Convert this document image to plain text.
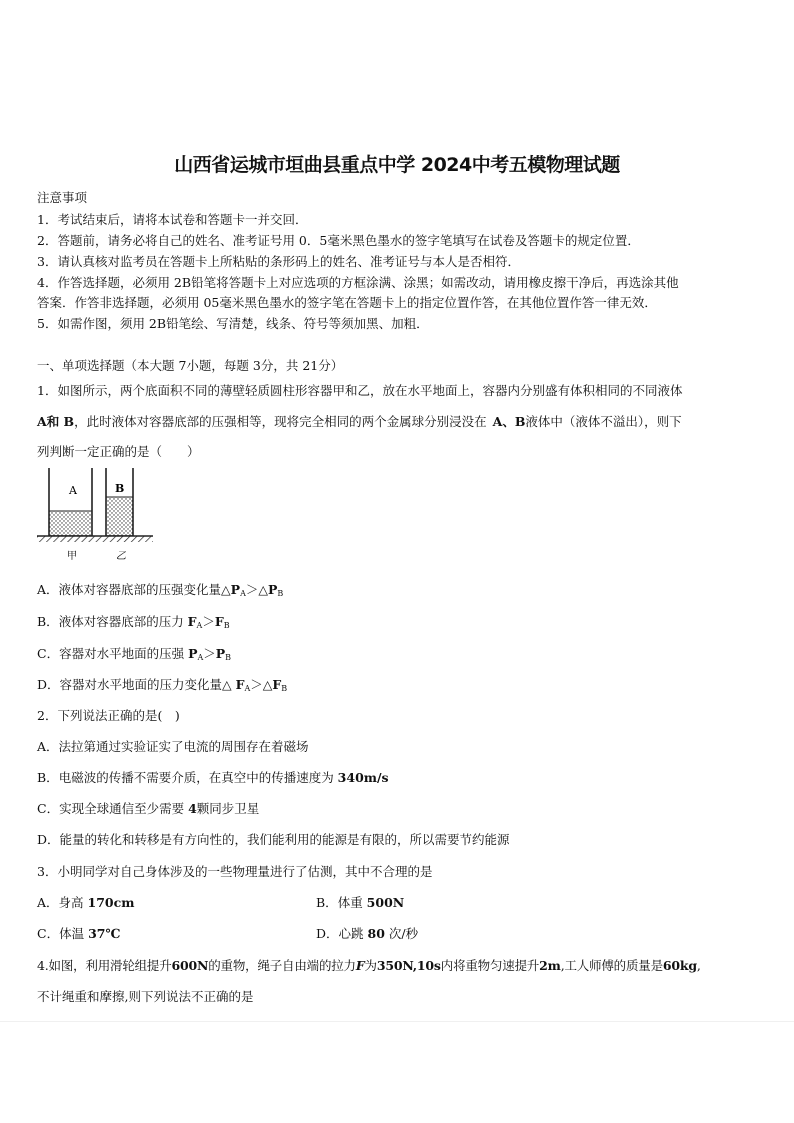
山西省运城市垣曲县重点中学 2024中考五模物理试题
注意事项
1．考试结束后，请将本试卷和答题卡一并交回．
2．答题前，请务必将自己的姓名、准考证号用 0．5毫米黑色墨水的签字笔填写在试卷及答题卡的规定位置．
3．请认真核对监考员在答题卡上所粘贴的条形码上的姓名、准考证号与本人是否相符．
4．作答选择题，必须用 2B铅笔将答题卡上对应选项的方框涂满、涂黑；如需改动，请用橡皮擦干净后，再选涂其他
答案．作答非选择题，必须用 05毫米黑色墨水的签字笔在答题卡上的指定位置作答，在其他位置作答一律无效．
5．如需作图，须用 2B铅笔绘、写清楚，线条、符号等须加黑、加粗．
一、单项选择题（本大题 7小题，每题 3分，共 21分）
1．如图所示，两个底面积不同的薄壁轻质圆柱形容器甲和乙，放在水平地面上，容器内分别盛有体积相同的不同液体
A和 B，此时液体对容器底部的压强相等，现将完全相同的两个金属球分别浸没在 A、B液体中（液体不溢出），则下
列判断一定正确的是（　　）
A	B
甲	乙
A．液体对容器底部的压强变化量$\triangle P_A>\triangle P_B$
B．液体对容器底部的压力 $F_A>F_B$
C．容器对水平地面的压强 $P_A>P_B$
D．容器对水平地面的压力变化量△ $F_A>\triangle F_B$
2．下列说法正确的是(　)
A．法拉第通过实验证实了电流的周围存在着磁场
B．电磁波的传播不需要介质，在真空中的传播速度为 340m/s
C．实现全球通信至少需要 4颗同步卫星
D．能量的转化和转移是有方向性的，我们能利用的能源是有限的，所以需要节约能源
3．小明同学对自己身体涉及的一些物理量进行了估测，其中不合理的是
A．身高 170cm	B．体重 500N
C．体温 37℃	D．心跳 80 次/秒
4.如图，利用滑轮组提升600N的重物，绳子自由端的拉力F为350N,10s内将重物匀速提升2m,工人师傅的质量是60kg,
不计绳重和摩擦,则下列说法不正确的是
